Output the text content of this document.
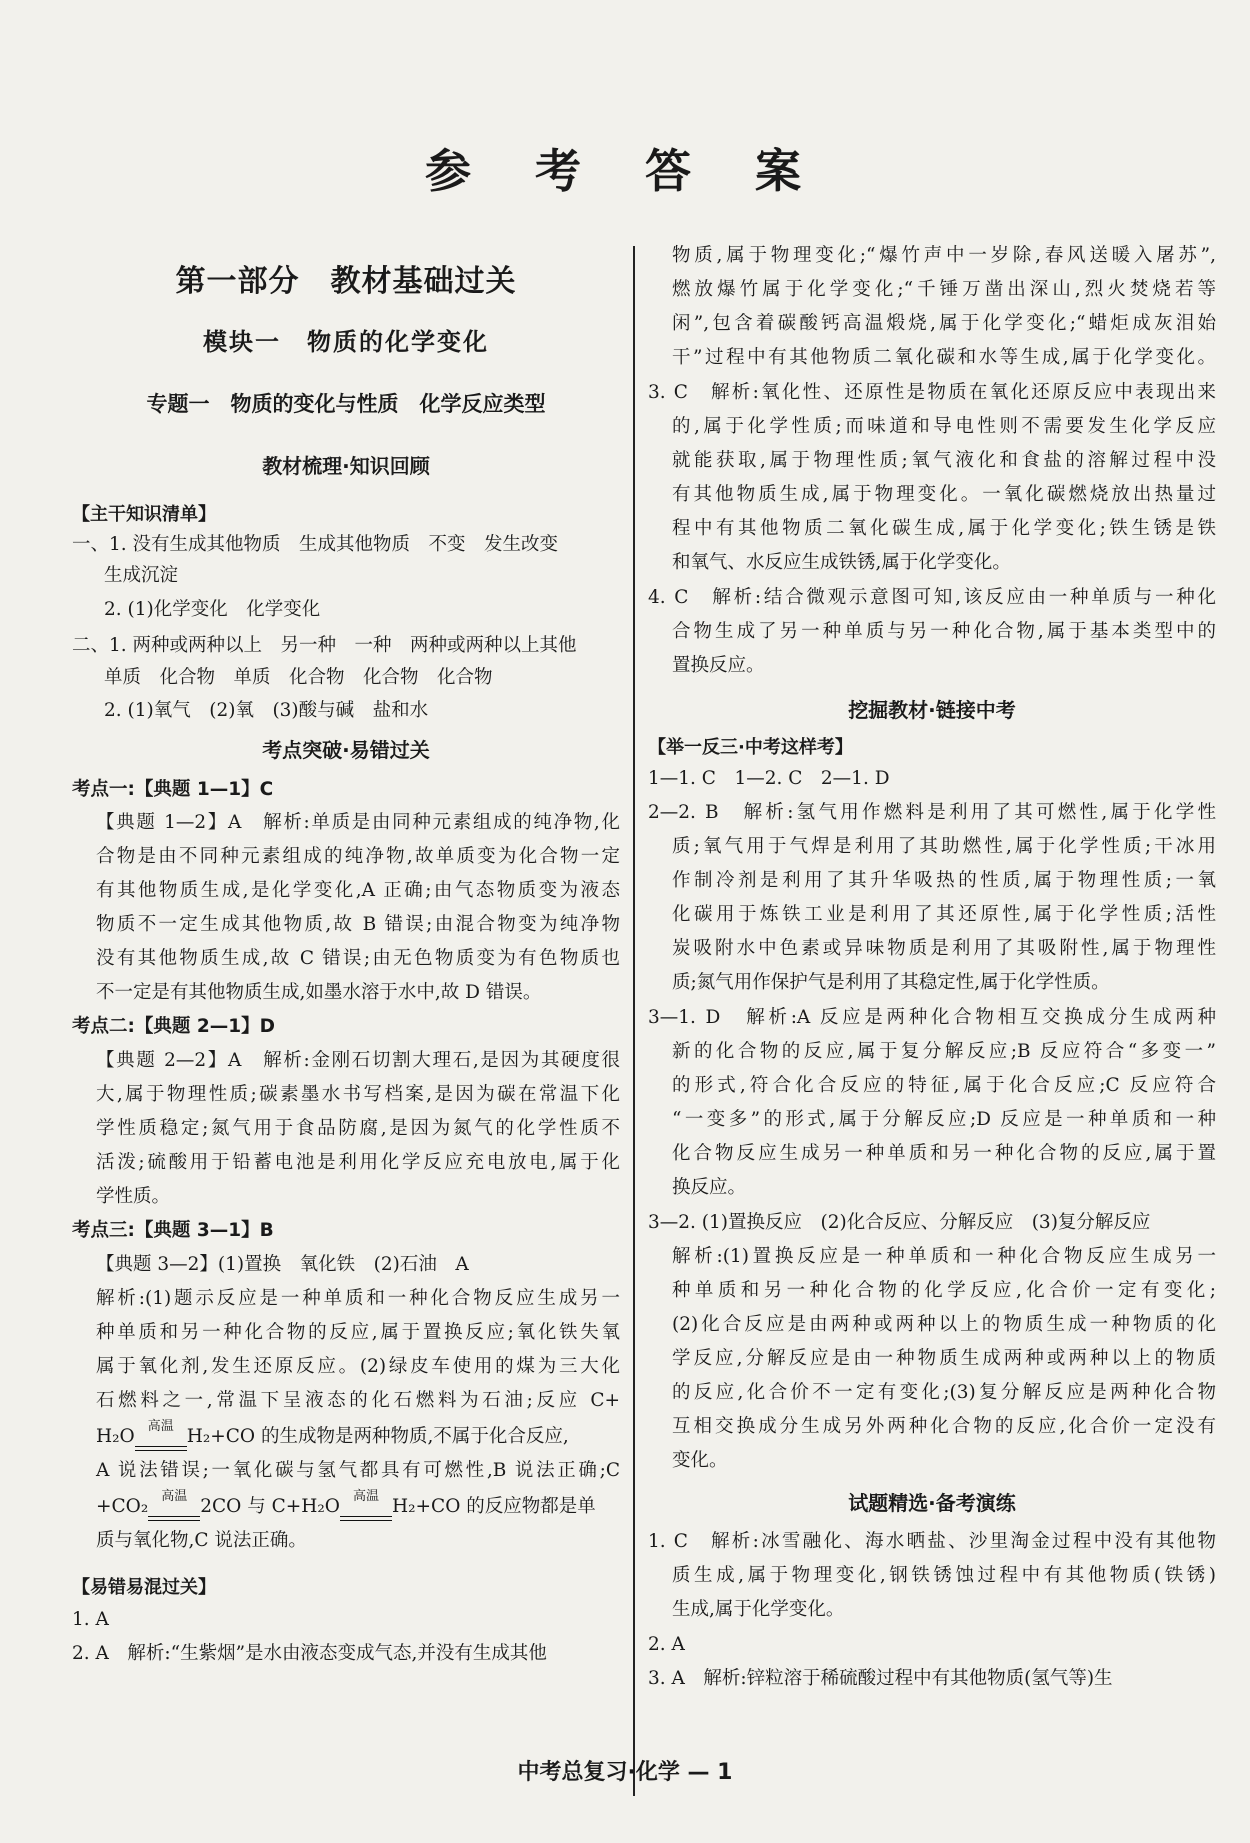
参 考 答 案
第一部分　教材基础过关
模块一　物质的化学变化
专题一　物质的变化与性质　化学反应类型
教材梳理·知识回顾
【主干知识清单】
一、1. 没有生成其他物质　生成其他物质　不变　发生改变
生成沉淀
2. (1)化学变化　化学变化
二、1. 两种或两种以上　另一种　一种　两种或两种以上其他
单质　化合物　单质　化合物　化合物　化合物
2. (1)氧气　(2)氧　(3)酸与碱　盐和水
考点突破·易错过关
考点一:【典题 1—1】C
【典题 1—2】A　解析:单质是由同种元素组成的纯净物,化
合物是由不同种元素组成的纯净物,故单质变为化合物一定
有其他物质生成,是化学变化,A 正确;由气态物质变为液态
物质不一定生成其他物质,故 B 错误;由混合物变为纯净物
没有其他物质生成,故 C 错误;由无色物质变为有色物质也
不一定是有其他物质生成,如墨水溶于水中,故 D 错误。
考点二:【典题 2—1】D
【典题 2—2】A　解析:金刚石切割大理石,是因为其硬度很
大,属于物理性质;碳素墨水书写档案,是因为碳在常温下化
学性质稳定;氮气用于食品防腐,是因为氮气的化学性质不
活泼;硫酸用于铅蓄电池是利用化学反应充电放电,属于化
学性质。
考点三:【典题 3—1】B
【典题 3—2】(1)置换　氧化铁　(2)石油　A
解析:(1)题示反应是一种单质和一种化合物反应生成另一
种单质和另一种化合物的反应,属于置换反应;氧化铁失氧
属于氧化剂,发生还原反应。(2)绿皮车使用的煤为三大化
石燃料之一,常温下呈液态的化石燃料为石油;反应 C+
H₂O 高温 H₂+CO 的生成物是两种物质,不属于化合反应,
A 说法错误;一氧化碳与氢气都具有可燃性,B 说法正确;C
+CO₂ 高温 2CO 与 C+H₂O 高温 H₂+CO 的反应物都是单
质与氧化物,C 说法正确。
【易错易混过关】
1. A
2. A　解析:“生紫烟”是水由液态变成气态,并没有生成其他
物质,属于物理变化;“爆竹声中一岁除,春风送暖入屠苏”,
燃放爆竹属于化学变化;“千锤万凿出深山,烈火焚烧若等
闲”,包含着碳酸钙高温煅烧,属于化学变化;“蜡炬成灰泪始
干”过程中有其他物质二氧化碳和水等生成,属于化学变化。
3. C　解析:氧化性、还原性是物质在氧化还原反应中表现出来
的,属于化学性质;而味道和导电性则不需要发生化学反应
就能获取,属于物理性质;氧气液化和食盐的溶解过程中没
有其他物质生成,属于物理变化。一氧化碳燃烧放出热量过
程中有其他物质二氧化碳生成,属于化学变化;铁生锈是铁
和氧气、水反应生成铁锈,属于化学变化。
4. C　解析:结合微观示意图可知,该反应由一种单质与一种化
合物生成了另一种单质与另一种化合物,属于基本类型中的
置换反应。
挖掘教材·链接中考
【举一反三·中考这样考】
1—1. C　1—2. C　2—1. D
2—2. B　解析:氢气用作燃料是利用了其可燃性,属于化学性
质;氧气用于气焊是利用了其助燃性,属于化学性质;干冰用
作制冷剂是利用了其升华吸热的性质,属于物理性质;一氧
化碳用于炼铁工业是利用了其还原性,属于化学性质;活性
炭吸附水中色素或异味物质是利用了其吸附性,属于物理性
质;氮气用作保护气是利用了其稳定性,属于化学性质。
3—1. D　解析:A 反应是两种化合物相互交换成分生成两种
新的化合物的反应,属于复分解反应;B 反应符合“多变一”
的形式,符合化合反应的特征,属于化合反应;C 反应符合
“一变多”的形式,属于分解反应;D 反应是一种单质和一种
化合物反应生成另一种单质和另一种化合物的反应,属于置
换反应。
3—2. (1)置换反应　(2)化合反应、分解反应　(3)复分解反应
解析:(1)置换反应是一种单质和一种化合物反应生成另一
种单质和另一种化合物的化学反应,化合价一定有变化;
(2)化合反应是由两种或两种以上的物质生成一种物质的化
学反应,分解反应是由一种物质生成两种或两种以上的物质
的反应,化合价不一定有变化;(3)复分解反应是两种化合物
互相交换成分生成另外两种化合物的反应,化合价一定没有
变化。
试题精选·备考演练
1. C　解析:冰雪融化、海水晒盐、沙里淘金过程中没有其他物
质生成,属于物理变化,钢铁锈蚀过程中有其他物质(铁锈)
生成,属于化学变化。
2. A
3. A　解析:锌粒溶于稀硫酸过程中有其他物质(氢气等)生
中考总复习·化学 — 1
